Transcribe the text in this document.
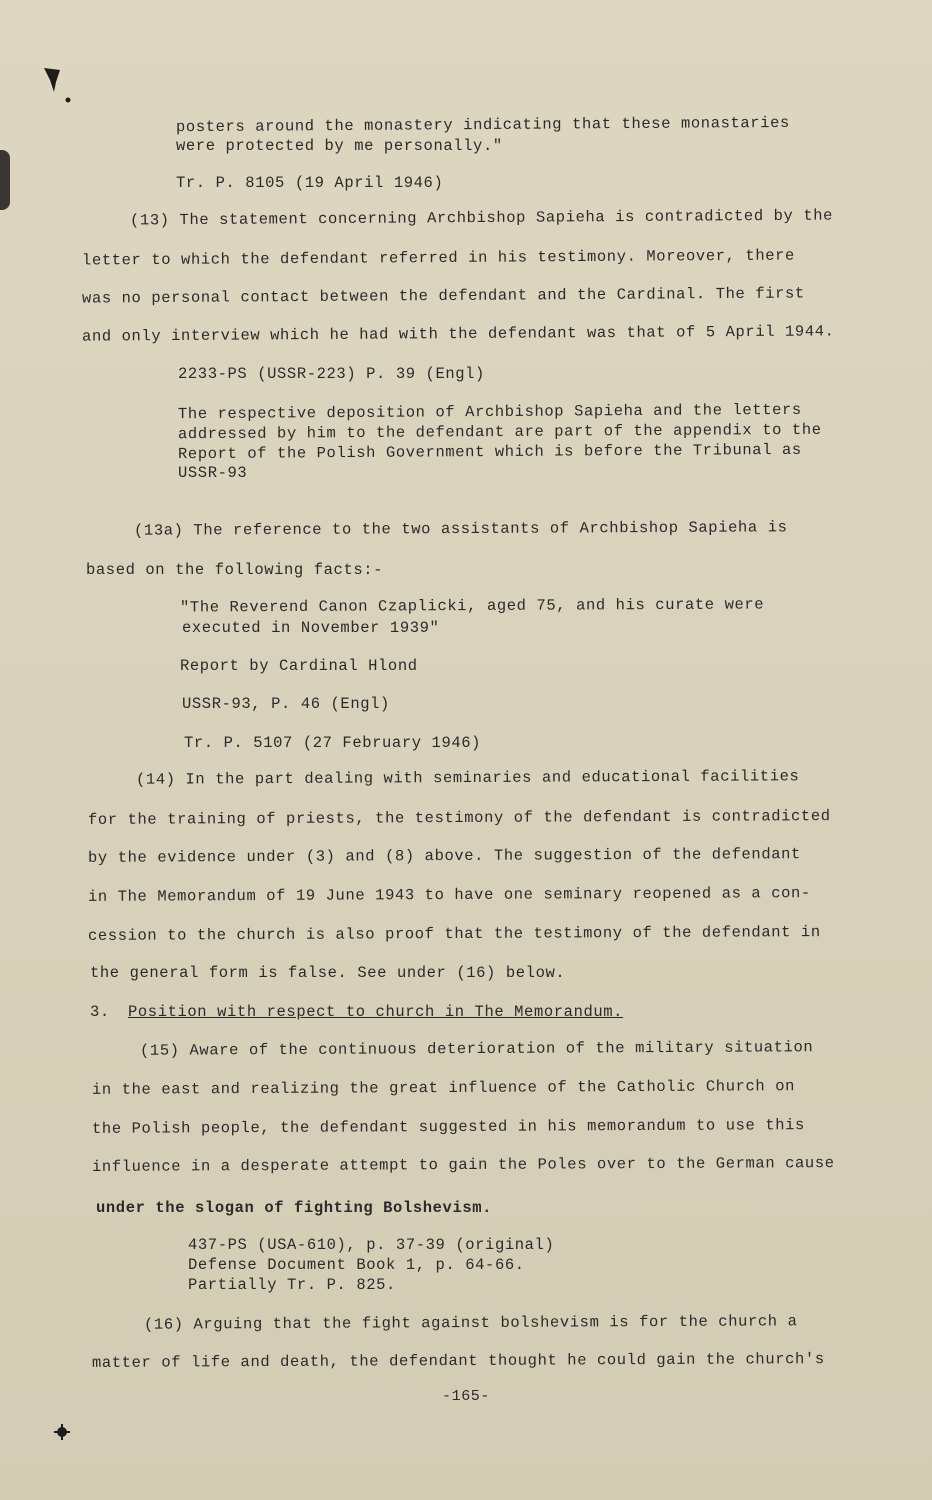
posters around the monastery indicating that these monastaries
were protected by me personally."
Tr. P. 8105 (19 April 1946)
(13) The statement concerning Archbishop Sapieha is contradicted by the
letter to which the defendant referred in his testimony. Moreover, there
was no personal contact between the defendant and the Cardinal. The first
and only interview which he had with the defendant was that of 5 April 1944.
2233-PS (USSR-223) P. 39 (Engl)
The respective deposition of Archbishop Sapieha and the letters
addressed by him to the defendant are part of the appendix to the
Report of the Polish Government which is before the Tribunal as
USSR-93
(13a) The reference to the two assistants of Archbishop Sapieha is
based on the following facts:-
"The Reverend Canon Czaplicki, aged 75, and his curate were
executed in November 1939"
Report by Cardinal Hlond
USSR-93, P. 46 (Engl)
Tr. P. 5107 (27 February 1946)
(14) In the part dealing with seminaries and educational facilities
for the training of priests, the testimony of the defendant is contradicted
by the evidence under (3) and (8) above. The suggestion of the defendant
in The Memorandum of 19 June 1943 to have one seminary reopened as a con-
cession to the church is also proof that the testimony of the defendant in
the general form is false. See under (16) below.
3. Position with respect to church in The Memorandum.
(15) Aware of the continuous deterioration of the military situation
in the east and realizing the great influence of the Catholic Church on
the Polish people, the defendant suggested in his memorandum to use this
influence in a desperate attempt to gain the Poles over to the German cause
under the slogan of fighting Bolshevism.
437-PS (USA-610), p. 37-39 (original)
Defense Document Book 1, p. 64-66.
Partially Tr. P. 825.
(16) Arguing that the fight against bolshevism is for the church a
matter of life and death, the defendant thought he could gain the church's
-165-
